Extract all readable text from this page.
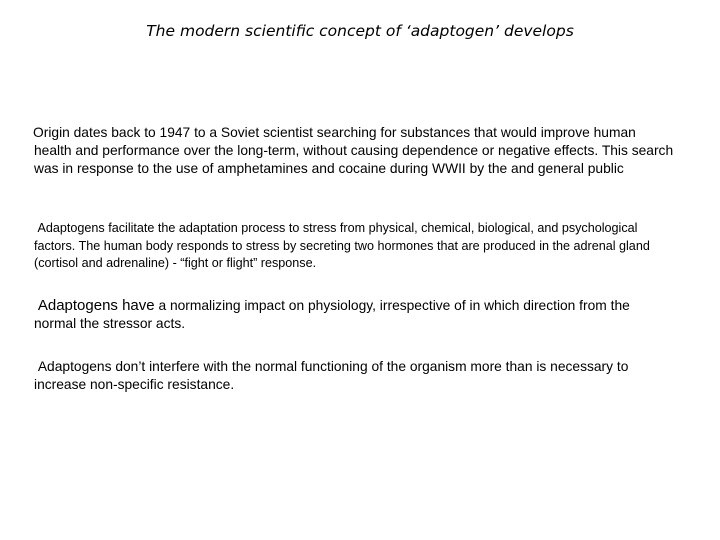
The modern scientific concept of ‘adaptogen’ develops

Origin dates back to 1947 to a Soviet scientist searching for substances that would improve human health and performance over the long-term, without causing dependence or negative effects. This search was in response to the use of amphetamines and cocaine during WWII by the and general public

Adaptogens facilitate the adaptation process to stress from physical, chemical, biological, and psychological factors. The human body responds to stress by secreting two hormones that are produced in the adrenal gland (cortisol and adrenaline) - “fight or flight” response.

Adaptogens have a normalizing impact on physiology, irrespective of in which direction from the normal the stressor acts.

Adaptogens don’t interfere with the normal functioning of the organism more than is necessary to increase non-specific resistance.
